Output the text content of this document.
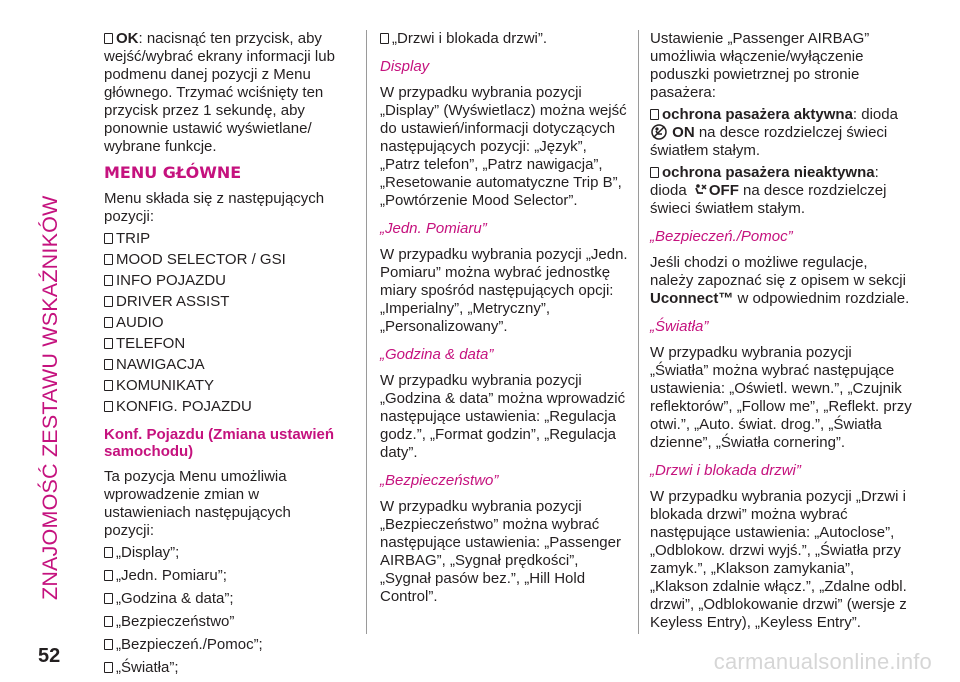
ZNAJOMOŚĆ ZESTAWU WSKAŹNIKÓW
52	carmanualsonline.info

OK: nacisnąć ten przycisk, aby wejść/wybrać ekrany informacji lub podmenu danej pozycji z Menu głównego. Trzymać wciśnięty ten przycisk przez 1 sekundę, aby ponownie ustawić wyświetlane/ wybrane funkcje.

MENU GŁÓWNE

Menu składa się z następujących pozycji:

TRIP
MOOD SELECTOR / GSI
INFO POJAZDU
DRIVER ASSIST
AUDIO
TELEFON
NAWIGACJA
KOMUNIKATY
KONFIG. POJAZDU
Konf. Pojazdu (Zmiana ustawień samochodu)

Ta pozycja Menu umożliwia wprowadzenie zmian w ustawieniach następujących pozycji:

„Display”;
„Jedn. Pomiaru”;
„Godzina & data”;
„Bezpieczeństwo”
„Bezpieczeń./Pomoc”;
„Światła”;
„Drzwi i blokada drzwi”.
Display

W przypadku wybrania pozycji „Display” (Wyświetlacz) można wejść do ustawień/informacji dotyczących następujących pozycji: „Język”, „Patrz telefon”, „Patrz nawigacja”, „Resetowanie automatyczne Trip B”, „Powtórzenie Mood Selector”.

„Jedn. Pomiaru”

W przypadku wybrania pozycji „Jedn. Pomiaru” można wybrać jednostkę miary spośród następujących opcji: „Imperialny”, „Metryczny”, „Personalizowany”.

„Godzina & data”

W przypadku wybrania pozycji „Godzina & data” można wprowadzić następujące ustawienia: „Regulacja godz.”, „Format godzin”, „Regulacja daty”.

„Bezpieczeństwo”

W przypadku wybrania pozycji „Bezpieczeństwo” można wybrać następujące ustawienia: „Passenger AIRBAG”, „Sygnał prędkości”, „Sygnał pasów bez.”, „Hill Hold Control”.

Ustawienie „Passenger AIRBAG” umożliwia włączenie/wyłączenie poduszki powietrznej po stronie pasażera:

ochrona pasażera aktywna: dioda
ON na desce rozdzielczej świeci światłem stałym.

ochrona pasażera nieaktywna:
dioda OFF na desce rozdzielczej świeci światłem stałym.

„Bezpieczeń./Pomoc”

Jeśli chodzi o możliwe regulacje, należy zapoznać się z opisem w sekcji Uconnect™ w odpowiednim rozdziale.

„Światła”

W przypadku wybrania pozycji „Światła” można wybrać następujące ustawienia: „Oświetl. wewn.”, „Czujnik reflektorów”, „Follow me”, „Reflekt. przy otwi.”, „Auto. świat. drog.”, „Światła dzienne”, „Światła cornering”.

„Drzwi i blokada drzwi”

W przypadku wybrania pozycji „Drzwi i blokada drzwi” można wybrać następujące ustawienia: „Autoclose”, „Odblokow. drzwi wyjś.”, „Światła przy zamyk.”, „Klakson zamykania”, „Klakson zdalnie włącz.”, „Zdalne odbl. drzwi”, „Odblokowanie drzwi” (wersje z Keyless Entry), „Keyless Entry”.
